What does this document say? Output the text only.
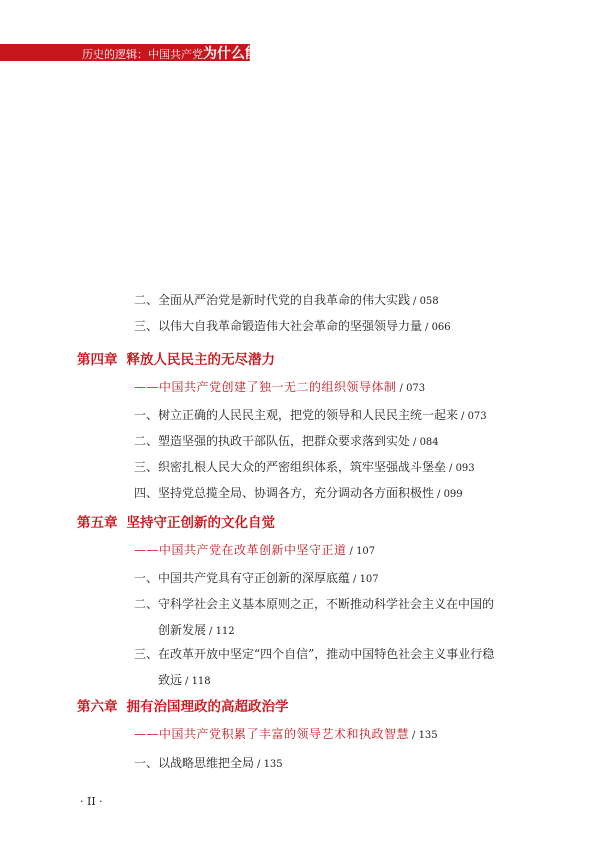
历史的逻辑：中国共产党为什么能
二、全面从严治党是新时代党的自我革命的伟大实践 / 058
三、以伟大自我革命锻造伟大社会革命的坚强领导力量 / 066
第四章 释放人民民主的无尽潜力
——中国共产党创建了独一无二的组织领导体制 / 073
一、树立正确的人民民主观，把党的领导和人民民主统一起来 / 073
二、塑造坚强的执政干部队伍，把群众要求落到实处 / 084
三、织密扎根人民大众的严密组织体系，筑牢坚强战斗堡垒 / 093
四、坚持党总揽全局、协调各方，充分调动各方面积极性 / 099
第五章 坚持守正创新的文化自觉
——中国共产党在改革创新中坚守正道 / 107
一、中国共产党具有守正创新的深厚底蕴 / 107
二、守科学社会主义基本原则之正，不断推动科学社会主义在中国的创新发展 / 112
三、在改革开放中坚定“四个自信”，推动中国特色社会主义事业行稳致远 / 118
第六章 拥有治国理政的高超政治学
——中国共产党积累了丰富的领导艺术和执政智慧 / 135
一、以战略思维把全局 / 135
· II ·
